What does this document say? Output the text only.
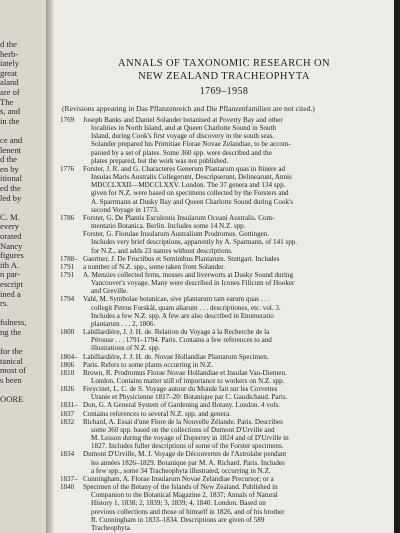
d the
herb-
iately
great
aland
are of
The
s, and
in the
ce and
lenent
d the
en by
itional
ed the
led by
C. M.
every
orated
Nancy
figures
ith A.
n par-
escript
ined a
rs.
fulness,
ng the
for the
tanical
most of
s been
OORE
ANNALS OF TAXONOMIC RESEARCH ON
NEW ZEALAND TRACHEOPHYTA
1769–1958
(Revisions appearing in Das Pflanzenreich and Die Pflanzenfamilien are not cited.)
1769	Joseph Banks and Daniel Solander botanised at Poverty Bay and other
localities in North Island, and at Queen Charlotte Sound in South
Island, during Cook's first voyage of discovery in the south seas.
Solander prepared his Primitiae Florae Novae Zelandiae, to be accom-
panied by a set of plates. Some 360 spp. were described and the
plates prepared, but the work was not published.
1776	Forster, J. R. and G. Characteres Generum Plantarum quas in Itinere ad
Insulas Maris Australis Collegerunt, Descripserunt, Delinearunt, Annis
MDCCLXXII—MDCCLXXV. London. The 37 genera and 134 spp.
given for N.Z. were based on specimens collected by the Forsters and
A. Sparrmann at Dusky Bay and Queen Charlotte Sound during Cook's
second Voyage in 1773.
1786	Forster, G. De Plantis Esculentis Insularum Oceani Australis. Com-
mentatio Botanica. Berlin. Includes some 14 N.Z. spp.
Forster, G. Florulae Insularum Australium Prodromus. Gottingen.
Includes very brief descriptions, apparently by A. Sparmann, of 141 spp.
for N.Z., and adds 23 names without descriptions.
1788– Gaertner, J. De Fructibus et Seminibus Plantarum. Stuttgart. Includes
1791	a number of N.Z. spp., some taken from Solander.
1791	A. Menzies collected ferns, mosses and liverworts at Dusky Sound during
Vancouver's voyage. Many were described in Icones Filicum of Hooker
and Greville.
1794	Vahl, M. Symbolae botanicae, sive plantarum tam earum quas . . .
collegit Petrus Forskål, quam aliarum . . . descriptiones, etc. vol. 3.
Includes a few N.Z. spp. A few are also described in Enumeratio
plantarum . . . 2, 1806.
1800	Labillardière, J. J. H. de. Relation du Voyage à la Recherche de la
Pérouse . . . 1791–1794. Paris. Contains a few references to and
illustrations of N.Z. spp.
1804– Labillardière, J. J. H. de. Novae Hollandiae Plantarum Specimen.
1806	Paris. Refers to some plants occurring in N.Z.
1810	Brown, R. Prodromus Florae Novae Hollandiae et Insulae Van-Diemen.
London. Contains matter still of importance to workers on N.Z. spp.
1826	Freycinet, L. C. de S. Voyage autour du Monde fait sur les Corvettes
Uranie et Physicienne 1817–20: Botanique par C. Gaudichaud. Paris.
1831– Don, G. A General System of Gardening and Botany. London. 4 vols.
1837	Contains references to several N.Z. spp. and genera.
1832	Richard, A. Essai d'une Flore de la Nouvelle Zélande. Paris. Describes
some 360 spp. based on the collections of Dumont D'Urville and
M. Lesson during the voyage of Duperrey in 1824 and of D'Urville in
1827. Includes fuller descriptions of some of the Forster specimens.
1834	Dumont D'Urville, M. J. Voyage de Découvertes de l'Astrolabe pendant
les années 1826–1829. Botanique par M. A. Richard. Paris. Includes
a few spp., some 34 Tracheophyta illustrated, occurring in N.Z.
1837– Cunningham, A. Florae Insularum Novae Zelandiae Precursor; or a
1840	Specimen of the Botany of the Islands of New Zealand. Published in
Companion to the Botanical Magazine 2, 1837; Annals of Natural
History 1, 1838; 2, 1839; 3, 1839; 4, 1840. London. Based on
previous collections and those of himself in 1826, and of his brother
R. Cunningham in 1833–1834. Descriptions are given of 589
Tracheophyta.
